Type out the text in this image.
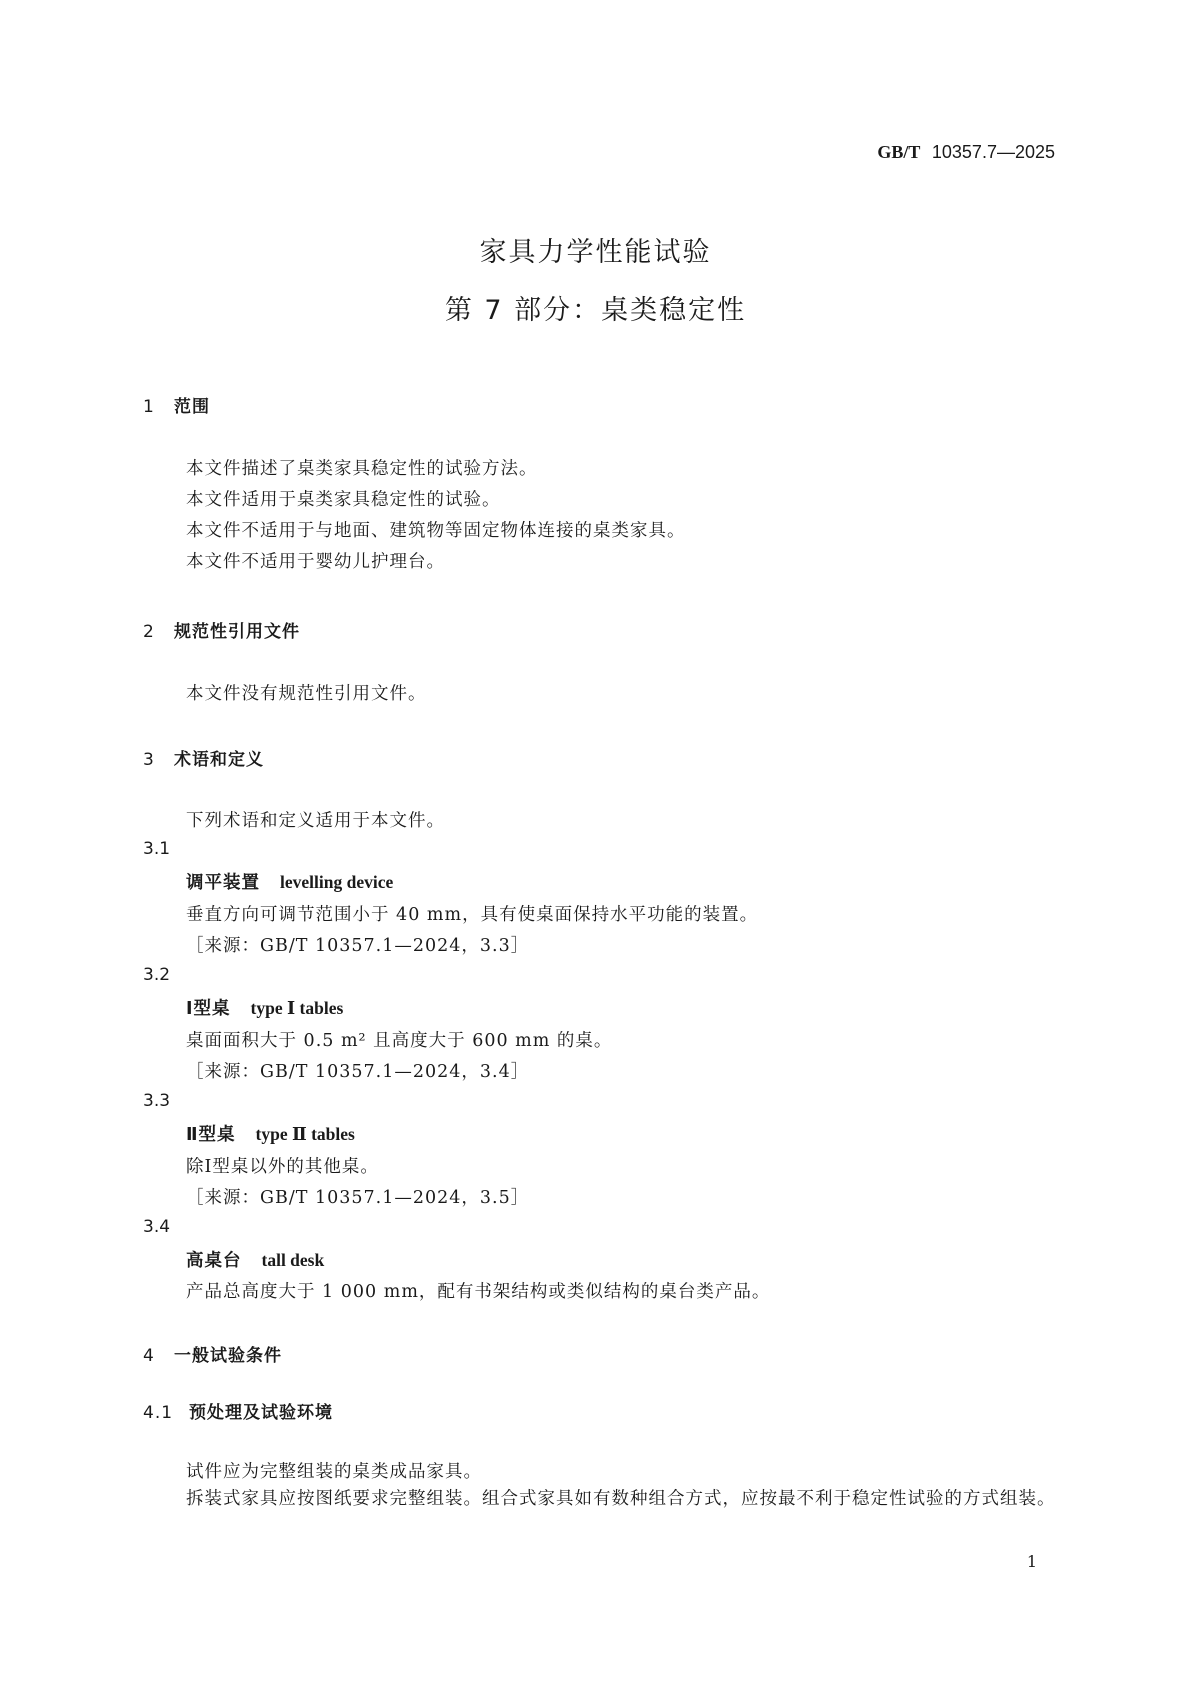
GB/T 10357.7—2025
家具力学性能试验
第 7 部分：桌类稳定性
1 范围
本文件描述了桌类家具稳定性的试验方法。
本文件适用于桌类家具稳定性的试验。
本文件不适用于与地面、建筑物等固定物体连接的桌类家具。
本文件不适用于婴幼儿护理台。
2 规范性引用文件
本文件没有规范性引用文件。
3 术语和定义
下列术语和定义适用于本文件。
3.1
调平装置 levelling device
垂直方向可调节范围小于 40 mm，具有使桌面保持水平功能的装置。
［来源：GB/T 10357.1—2024，3.3］
3.2
Ⅰ型桌 type Ⅰ tables
桌面面积大于 0.5 m² 且高度大于 600 mm 的桌。
［来源：GB/T 10357.1—2024，3.4］
3.3
Ⅱ型桌 type Ⅱ tables
除Ⅰ型桌以外的其他桌。
［来源：GB/T 10357.1—2024，3.5］
3.4
高桌台 tall desk
产品总高度大于 1 000 mm，配有书架结构或类似结构的桌台类产品。
4 一般试验条件
4.1 预处理及试验环境
试件应为完整组装的桌类成品家具。
拆装式家具应按图纸要求完整组装。组合式家具如有数种组合方式，应按最不利于稳定性试验的方式组装。
1
